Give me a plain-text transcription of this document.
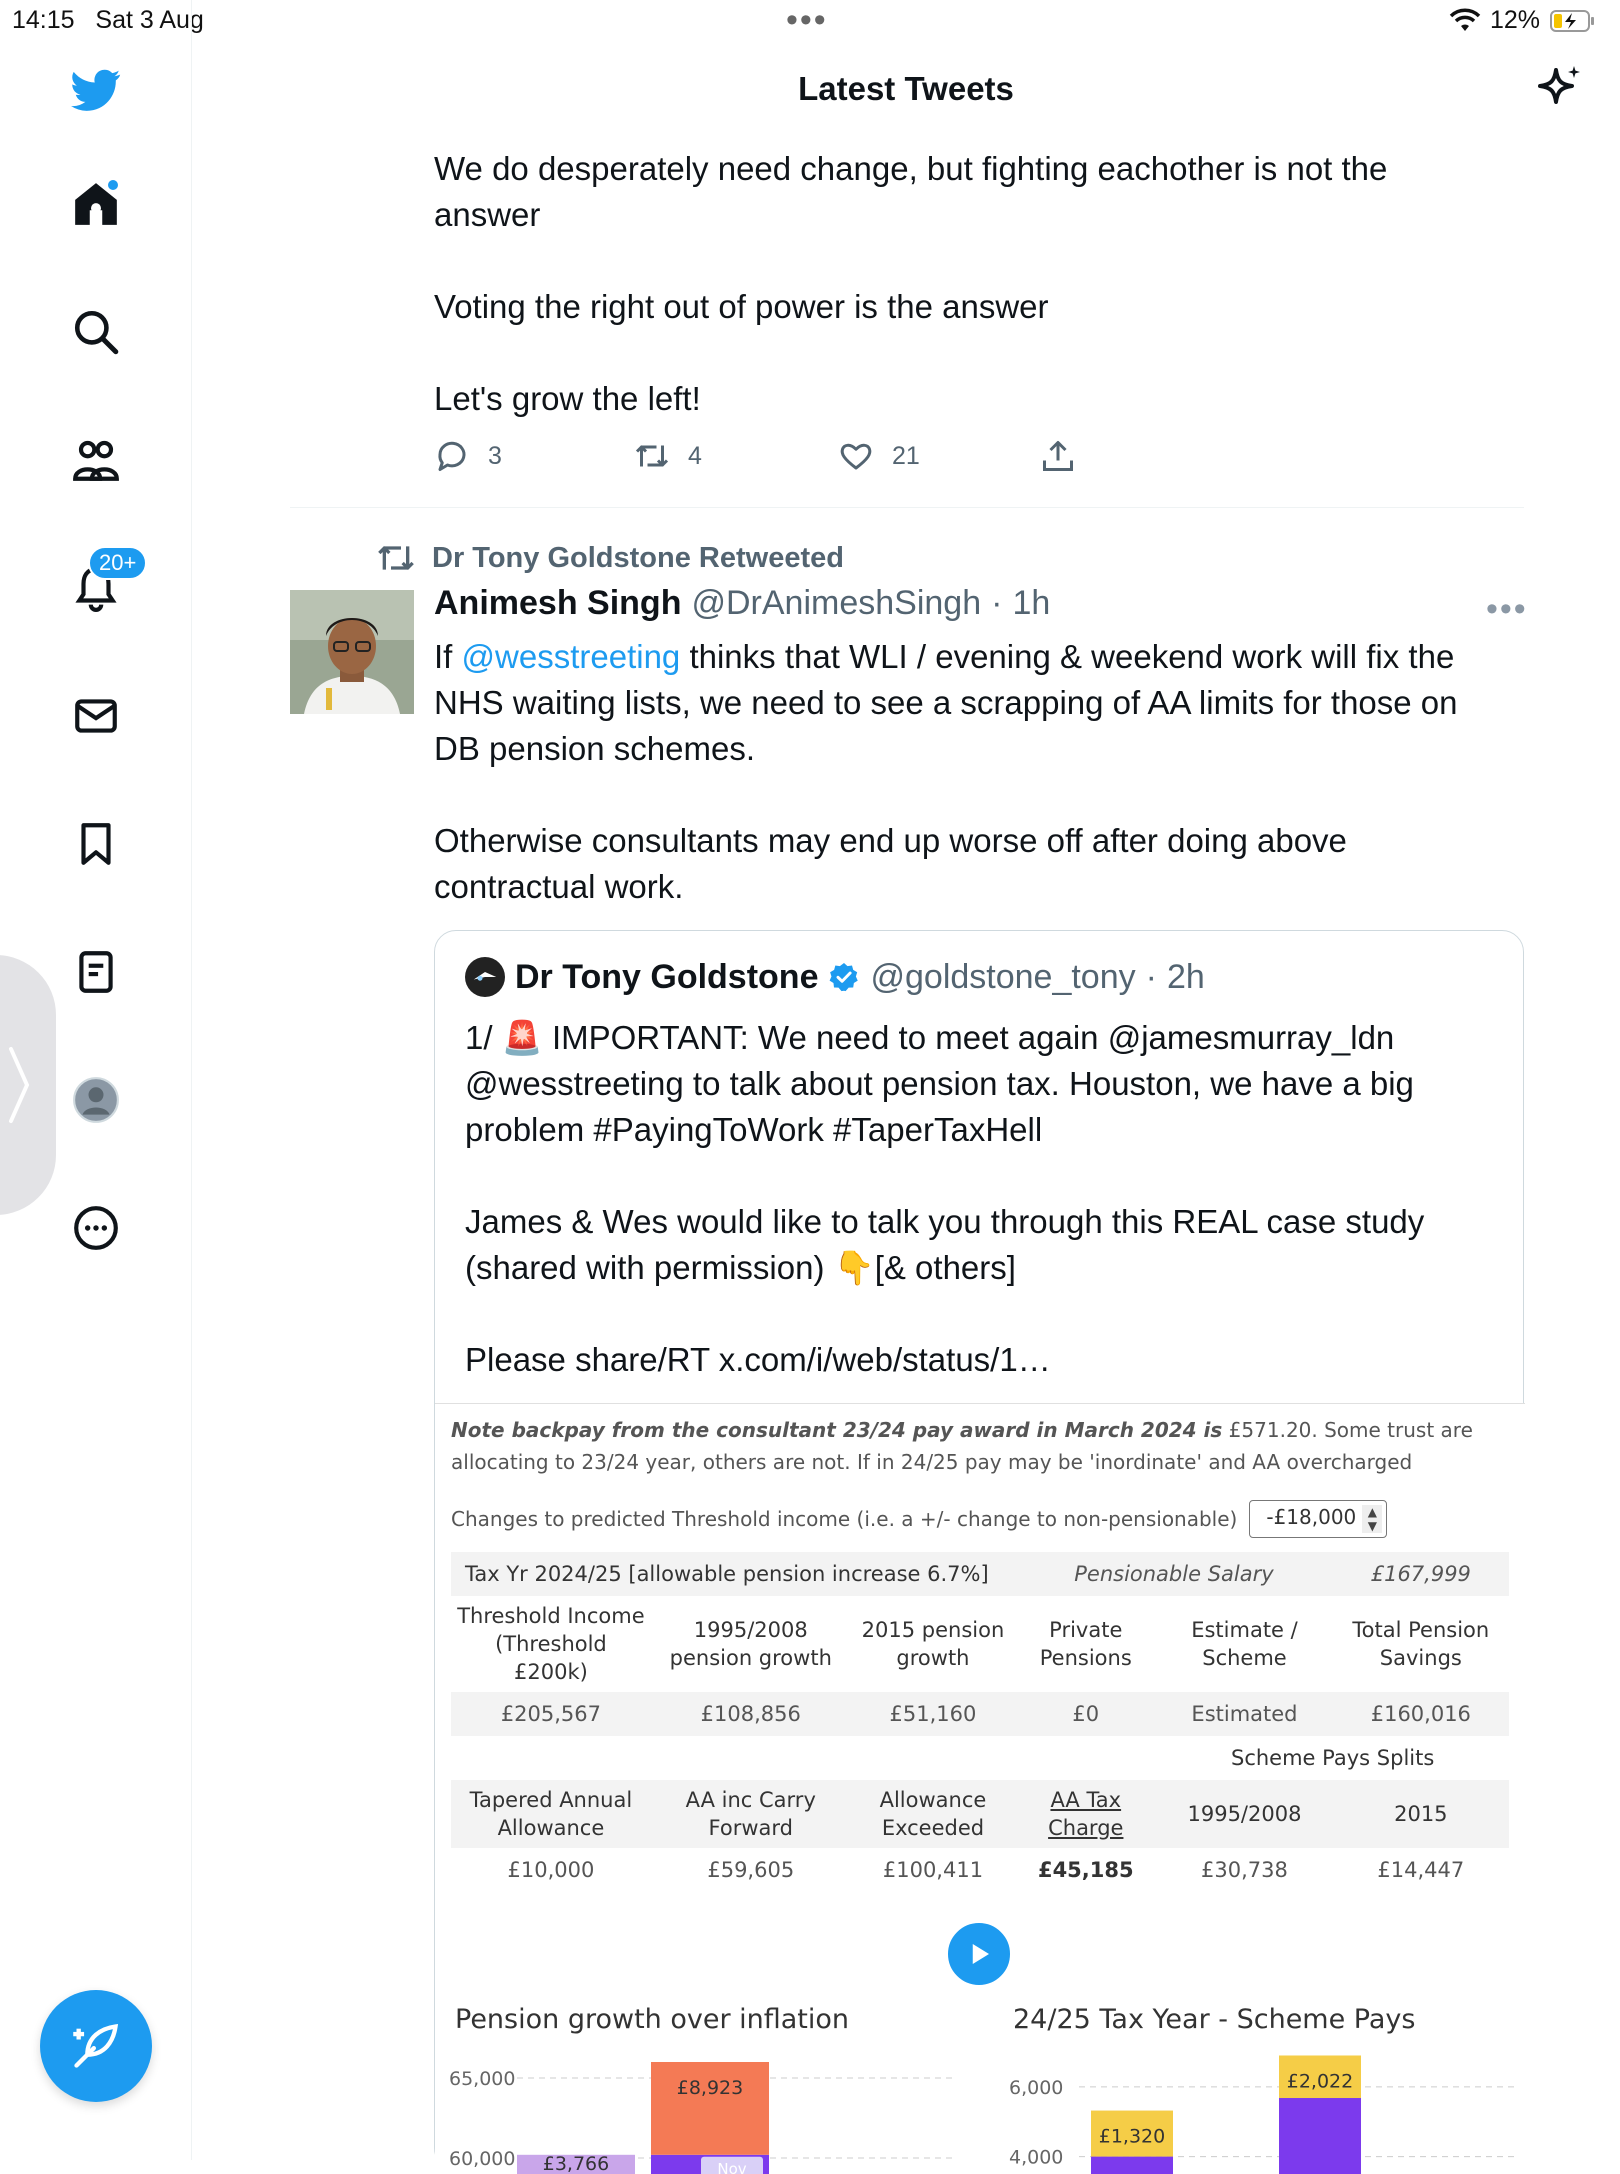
14:15 Sat 3 Aug	•••	12%
20+
Latest Tweets
We do desperately need change, but fighting eachother is not the
answer
Voting the right out of power is the answer
Let's grow the left!
3	4	21
Dr Tony Goldstone Retweeted
Animesh Singh @DrAnimeshSingh · 1h	•••
If @wesstreeting thinks that WLI / evening & weekend work will fix the
NHS waiting lists, we need to see a scrapping of AA limits for those on
DB pension schemes.
Otherwise consultants may end up worse off after doing above
contractual work.
Dr Tony Goldstone @goldstone_tony · 2h
1/ 🚨 IMPORTANT: We need to meet again @jamesmurray_ldn
@wesstreeting to talk about pension tax. Houston, we have a big
problem #PayingToWork #TaperTaxHell
James & Wes would like to talk you through this REAL case study
(shared with permission) 👇[& others]
Please share/RT x.com/i/web/status/1…
Note backpay from the consultant 23/24 pay award in March 2024 is £571.20. Some trust are allocating to 23/24 year, others are not. If in 24/25 pay may be 'inordinate' and AA overcharged
Changes to predicted Threshold income (i.e. a +/- change to non-pensionable)	-£18,000 ▲
▼
Tax Yr 2024/25 [allowable pension increase 6.7%]			Pensionable Salary		£167,999
Threshold Income (Threshold £200k)	1995/2008 pension growth	2015 pension growth	Private Pensions	Estimate / Scheme	Total Pension Savings
£205,567	£108,856	£51,160	£0	Estimated	£160,016
				Scheme Pays Splits	
Tapered Annual Allowance	AA inc Carry Forward	Allowance Exceeded	AA Tax Charge	1995/2008	2015
£10,000	£59,605	£100,411	£45,185	£30,738	£14,447
Pension growth over inflation	24/25 Tax Year - Scheme Pays
60,000
65,000
£3,766
£8,923
Nov
4,000
6,000
£1,320
£2,022
